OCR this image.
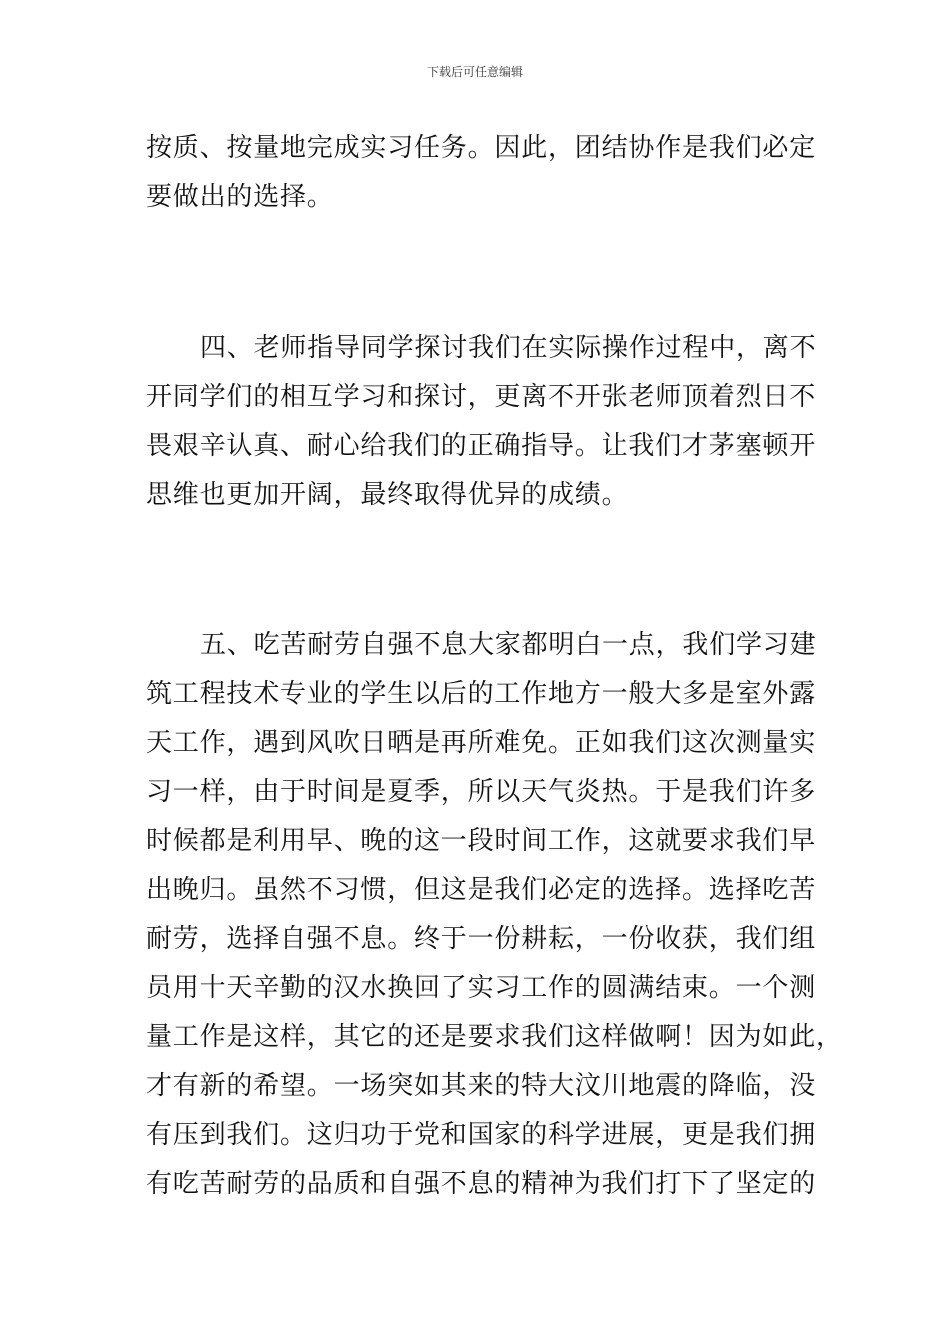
下载后可任意编辑
按质、按量地完成实习任务。因此，团结协作是我们必定
要做出的选择。
四、老师指导同学探讨我们在实际操作过程中，离不
开同学们的相互学习和探讨，更离不开张老师顶着烈日不
畏艰辛认真、耐心给我们的正确指导。让我们才茅塞顿开
思维也更加开阔，最终取得优异的成绩。
五、吃苦耐劳自强不息大家都明白一点，我们学习建
筑工程技术专业的学生以后的工作地方一般大多是室外露
天工作，遇到风吹日晒是再所难免。正如我们这次测量实
习一样，由于时间是夏季，所以天气炎热。于是我们许多
时候都是利用早、晚的这一段时间工作，这就要求我们早
出晚归。虽然不习惯，但这是我们必定的选择。选择吃苦
耐劳，选择自强不息。终于一份耕耘，一份收获，我们组
员用十天辛勤的汉水换回了实习工作的圆满结束。一个测
量工作是这样，其它的还是要求我们这样做啊！因为如此，
才有新的希望。一场突如其来的特大汶川地震的降临，没
有压到我们。这归功于党和国家的科学进展，更是我们拥
有吃苦耐劳的品质和自强不息的精神为我们打下了坚定的
